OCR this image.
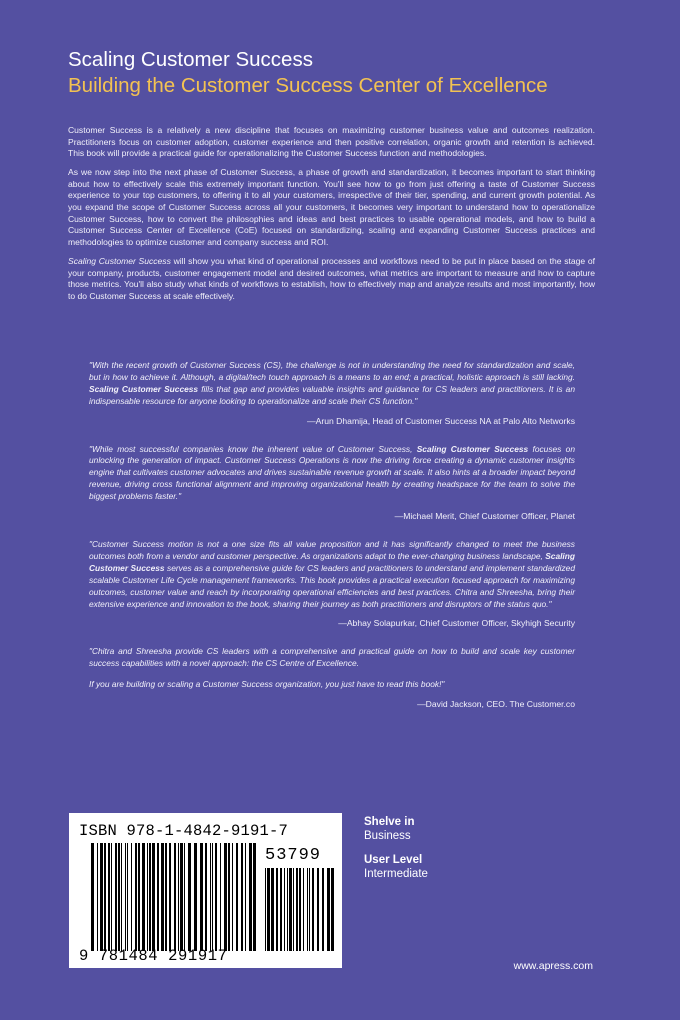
Scaling Customer Success
Building the Customer Success Center of Excellence

Customer Success is a relatively a new discipline that focuses on maximizing customer business value and outcomes realization. Practitioners focus on customer adoption, customer experience and then positive correlation, organic growth and retention is achieved. This book will provide a practical guide for operationalizing the Customer Success function and methodologies.

As we now step into the next phase of Customer Success, a phase of growth and standardization, it becomes important to start thinking about how to effectively scale this extremely important function. You'll see how to go from just offering a taste of Customer Success experience to your top customers, to offering it to all your customers, irrespective of their tier, spending, and current growth potential. As you expand the scope of Customer Success across all your customers, it becomes very important to understand how to operationalize Customer Success, how to convert the philosophies and ideas and best practices to usable operational models, and how to build a Customer Success Center of Excellence (CoE) focused on standardizing, scaling and expanding Customer Success practices and methodologies to optimize customer and company success and ROI.

Scaling Customer Success will show you what kind of operational processes and workflows need to be put in place based on the stage of your company, products, customer engagement model and desired outcomes, what metrics are important to measure and how to capture those metrics. You'll also study what kinds of workflows to establish, how to effectively map and analyze results and most importantly, how to do Customer Success at scale effectively.

"With the recent growth of Customer Success (CS), the challenge is not in understanding the need for standardization and scale, but in how to achieve it. Although, a digital/tech touch approach is a means to an end; a practical, holistic approach is still lacking. Scaling Customer Success fills that gap and provides valuable insights and guidance for CS leaders and practitioners. It is an indispensable resource for anyone looking to operationalize and scale their CS function."

—Arun Dhamija, Head of Customer Success NA at Palo Alto Networks

"While most successful companies know the inherent value of Customer Success, Scaling Customer Success focuses on unlocking the generation of impact. Customer Success Operations is now the driving force creating a dynamic customer insights engine that cultivates customer advocates and drives sustainable revenue growth at scale. It also hints at a broader impact beyond revenue, driving cross functional alignment and improving organizational health by creating headspace for the team to solve the biggest problems faster."

—Michael Merit, Chief Customer Officer, Planet

"Customer Success motion is not a one size fits all value proposition and it has significantly changed to meet the business outcomes both from a vendor and customer perspective. As organizations adapt to the ever-changing business landscape, Scaling Customer Success serves as a comprehensive guide for CS leaders and practitioners to understand and implement standardized scalable Customer Life Cycle management frameworks. This book provides a practical execution focused approach for maximizing outcomes, customer value and reach by incorporating operational efficiencies and best practices. Chitra and Shreesha, bring their extensive experience and innovation to the book, sharing their journey as both practitioners and disruptors of the status quo."

—Abhay Solapurkar, Chief Customer Officer, Skyhigh Security

"Chitra and Shreesha provide CS leaders with a comprehensive and practical guide on how to build and scale key customer success capabilities with a novel approach: the CS Centre of Excellence.

If you are building or scaling a Customer Success organization, you just have to read this book!"

—David Jackson, CEO. The Customer.co
ISBN 978-1-4842-9191-7
53799
9 781484 291917
Shelve in
Business
User Level
Intermediate
www.apress.com
